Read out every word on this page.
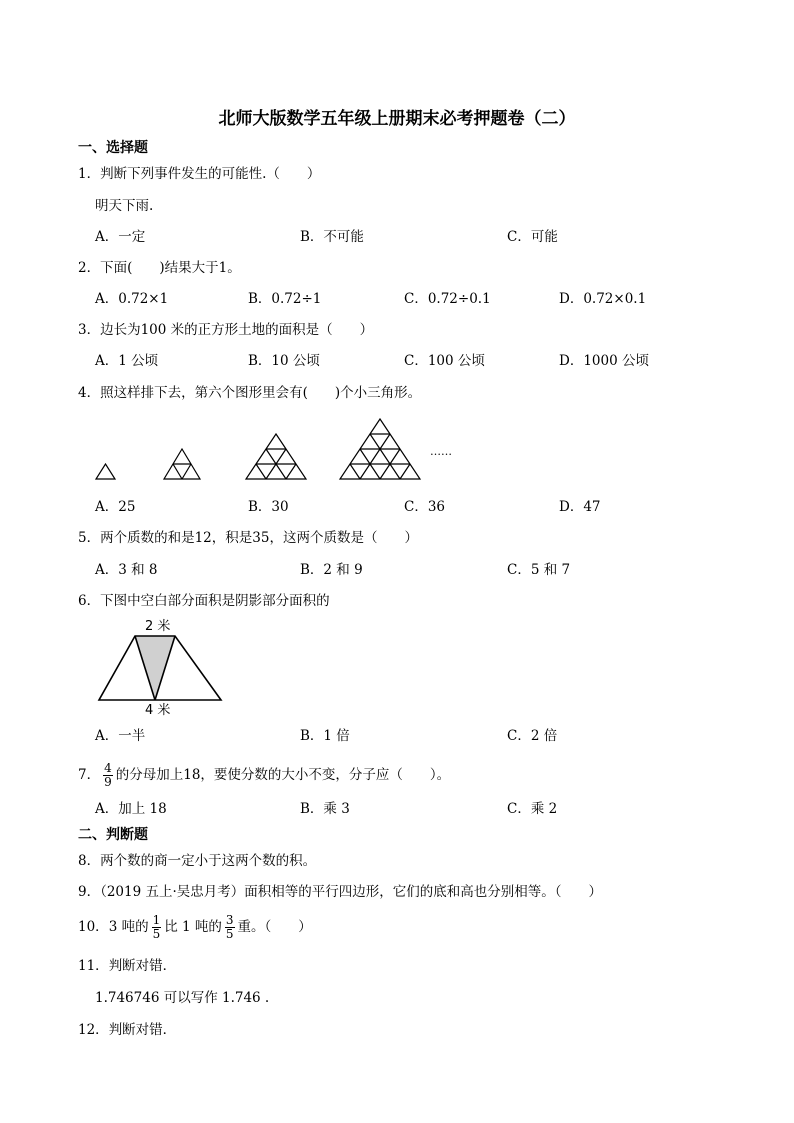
北师大版数学五年级上册期末必考押题卷（二）
一、选择题
1．判断下列事件发生的可能性.（　　）
明天下雨.
A．一定	B．不可能	C．可能
2．下面(　　)结果大于1。
A．0.72×1	B．0.72÷1	C．0.72÷0.1	D．0.72×0.1
3．边长为100 米的正方形土地的面积是（　　）
A．1 公顷	B．10 公顷	C．100 公顷	D．1000 公顷
4．照这样排下去，第六个图形里会有(　　)个小三角形。
……
A．25	B．30	C．36	D．47
5．两个质数的和是12，积是35，这两个质数是（　　）
A．3 和 8	B．2 和 9	C．5 和 7
6．下图中空白部分面积是阴影部分面积的
2 米
4 米
A．一半	B．1 倍	C．2 倍
7． $\frac{4}{9}$ 的分母加上18，要使分数的大小不变，分子应（　　）。
A．加上 18	B．乘 3	C．乘 2
二、判断题
8．两个数的商一定小于这两个数的积。
9．（2019 五上·吴忠月考）面积相等的平行四边形，它们的底和高也分别相等。（　　）
10．3 吨的 $\frac{1}{5}$ 比 1 吨的 $\frac{3}{5}$ 重。（　　）
11．判断对错．
1.746746 可以写作 1.746 .
12．判断对错．
